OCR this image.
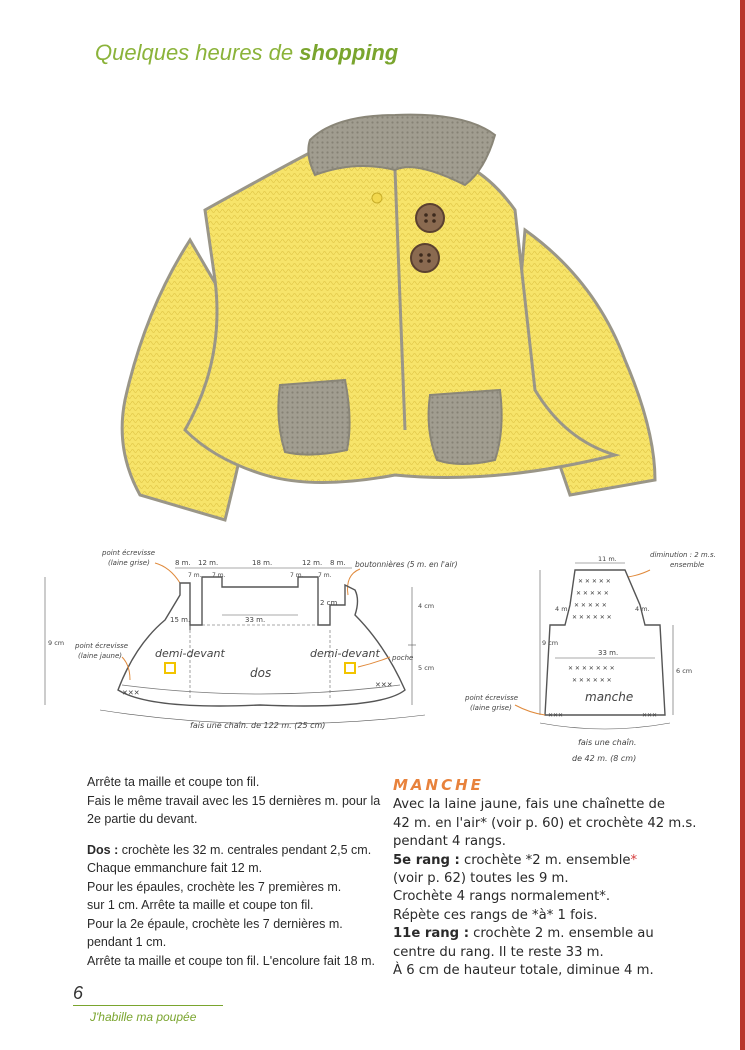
Quelques heures de shopping
point écrevisse
(laine grise)	boutonnières (5 m. en l'air)
8 m. 12 m.	18 m.	12 m. 8 m.
7 m. 7 m.	7 m. 7 m.
15 m.	33 m.
2 cm
demi-devant
dos
demi-devant poche
point écrevisse
(laine jaune)
✕✕✕
✕✕✕
9 cm
4 cm
5 cm
fais une chaîn. de 122 m. (25 cm)
diminution : 2 m.s.
ensemble
11 m.
4 m.	4 m.
✕ ✕ ✕ ✕ ✕
✕ ✕ ✕ ✕ ✕
✕ ✕ ✕ ✕ ✕
✕ ✕ ✕ ✕ ✕ ✕
33 m.
✕ ✕ ✕ ✕ ✕ ✕ ✕
✕ ✕ ✕ ✕ ✕ ✕
manche
✕✕✕	✕✕✕
9 cm
6 cm
point écrevisse
(laine grise)
fais une chaîn.
de 42 m. (8 cm)

Arrête ta maille et coupe ton fil.

Fais le même travail avec les 15 dernières m. pour la

2e partie du devant.

Dos : crochète les 32 m. centrales pendant 2,5 cm.

Chaque emmanchure fait 12 m.

Pour les épaules, crochète les 7 premières m.

sur 1 cm. Arrête ta maille et coupe ton fil.

Pour la 2e épaule, crochète les 7 dernières m.

pendant 1 cm.

Arrête ta maille et coupe ton fil. L'encolure fait 18 m.

MANCHE

Avec la laine jaune, fais une chaînette de

42 m. en l'air* (voir p. 60) et crochète 42 m.s.

pendant 4 rangs.

5e rang : crochète *2 m. ensemble*

(voir p. 62) toutes les 9 m.

Crochète 4 rangs normalement*.

Répète ces rangs de *à* 1 fois.

11e rang : crochète 2 m. ensemble au

centre du rang. Il te reste 33 m.

À 6 cm de hauteur totale, diminue 4 m.

6
J'habille ma poupée
